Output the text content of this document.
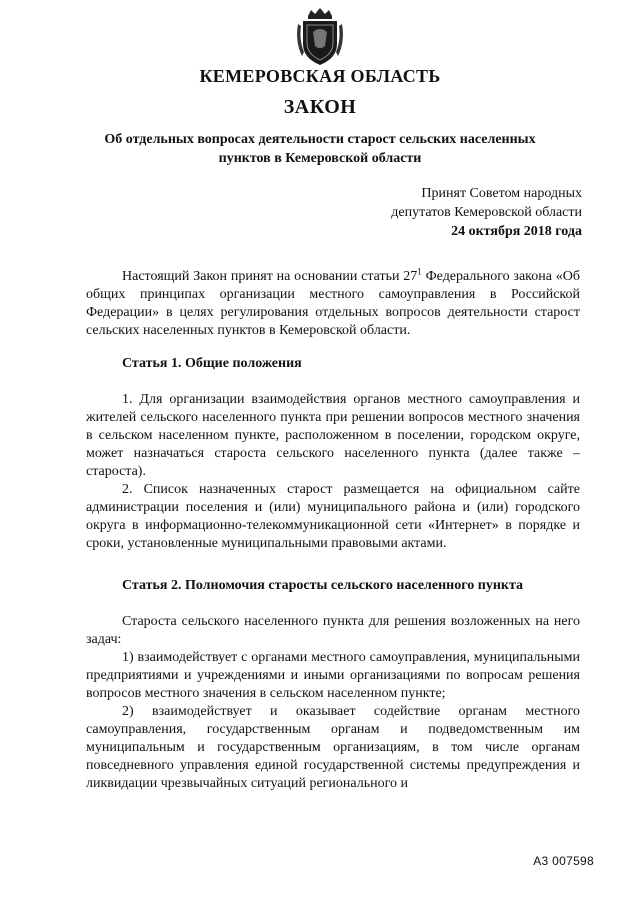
КЕМЕРОВСКАЯ ОБЛАСТЬ
ЗАКОН
Об отдельных вопросах деятельности старост сельских населенных
пунктов в Кемеровской области
Принят Советом народных
депутатов Кемеровской области
24 октября 2018 года

Настоящий Закон принят на основании статьи $27^1$ Федерального закона «Об общих принципах организации местного самоуправления в Российской Федерации» в целях регулирования отдельных вопросов деятельности старост сельских населенных пунктов в Кемеровской области.

Статья 1. Общие положения

1. Для организации взаимодействия органов местного самоуправления и жителей сельского населенного пункта при решении вопросов местного значения в сельском населенном пункте, расположенном в поселении, городском округе, может назначаться староста сельского населенного пункта (далее также – староста).

2. Список назначенных старост размещается на официальном сайте администрации поселения и (или) муниципального района и (или) городского округа в информационно-телекоммуникационной сети «Интернет» в порядке и сроки, установленные муниципальными правовыми актами.

Статья 2. Полномочия старосты сельского населенного пункта

Староста сельского населенного пункта для решения возложенных на него задач:

1) взаимодействует с органами местного самоуправления, муниципальными предприятиями и учреждениями и иными организациями по вопросам решения вопросов местного значения в сельском населенном пункте;

2) взаимодействует и оказывает содействие органам местного самоуправления, государственным органам и подведомственным им муниципальным и государственным организациям, в том числе органам повседневного управления единой государственной системы предупреждения и ликвидации чрезвычайных ситуаций регионального и

А3 007598
